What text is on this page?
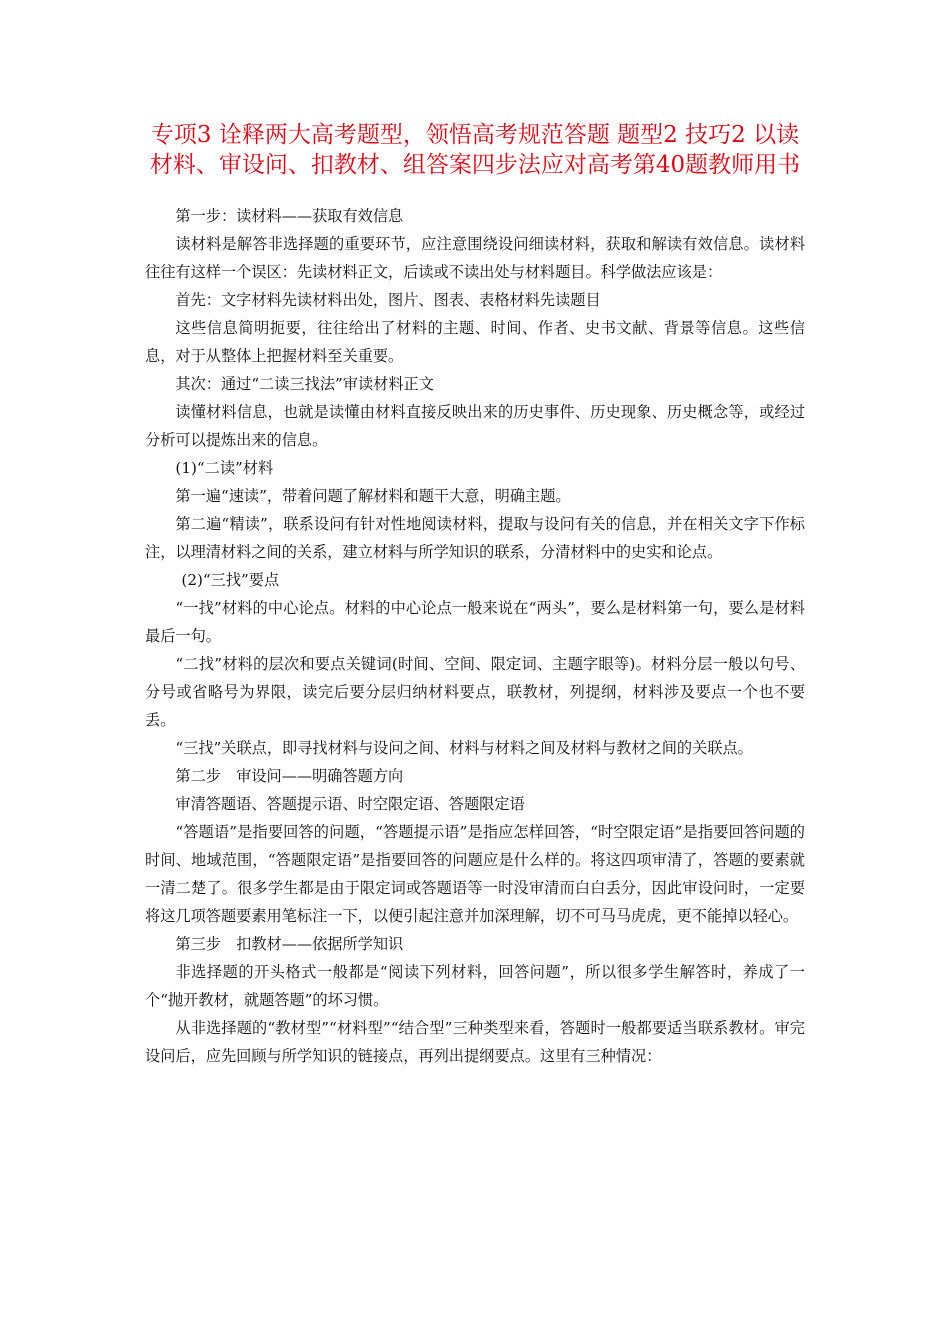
专项3 诠释两大高考题型，领悟高考规范答题 题型2 技巧2 以读
材料、审设问、扣教材、组答案四步法应对高考第40题教师用书

第一步：读材料——获取有效信息

读材料是解答非选择题的重要环节，应注意围绕设问细读材料，获取和解读有效信息。读材料往往有这样一个误区：先读材料正文，后读或不读出处与材料题目。科学做法应该是：

首先：文字材料先读材料出处，图片、图表、表格材料先读题目

这些信息简明扼要，往往给出了材料的主题、时间、作者、史书文献、背景等信息。这些信息，对于从整体上把握材料至关重要。

其次：通过“二读三找法”审读材料正文

读懂材料信息，也就是读懂由材料直接反映出来的历史事件、历史现象、历史概念等，或经过分析可以提炼出来的信息。

(1)“二读”材料

第一遍“速读”，带着问题了解材料和题干大意，明确主题。

第二遍“精读”，联系设问有针对性地阅读材料，提取与设问有关的信息，并在相关文字下作标注，以理清材料之间的关系，建立材料与所学知识的联系，分清材料中的史实和论点。

(2)“三找”要点

“一找”材料的中心论点。材料的中心论点一般来说在“两头”，要么是材料第一句，要么是材料最后一句。

“二找”材料的层次和要点关键词(时间、空间、限定词、主题字眼等)。材料分层一般以句号、分号或省略号为界限，读完后要分层归纳材料要点，联教材，列提纲，材料涉及要点一个也不要丢。

“三找”关联点，即寻找材料与设问之间、材料与材料之间及材料与教材之间的关联点。

第二步　审设问——明确答题方向

审清答题语、答题提示语、时空限定语、答题限定语

“答题语”是指要回答的问题，“答题提示语”是指应怎样回答，“时空限定语”是指要回答问题的时间、地域范围，“答题限定语”是指要回答的问题应是什么样的。将这四项审清了，答题的要素就一清二楚了。很多学生都是由于限定词或答题语等一时没审清而白白丢分，因此审设问时，一定要将这几项答题要素用笔标注一下，以便引起注意并加深理解，切不可马马虎虎，更不能掉以轻心。

第三步　扣教材——依据所学知识

非选择题的开头格式一般都是“阅读下列材料，回答问题”，所以很多学生解答时，养成了一个“抛开教材，就题答题”的坏习惯。

从非选择题的“教材型”“材料型”“结合型”三种类型来看，答题时一般都要适当联系教材。审完设问后，应先回顾与所学知识的链接点，再列出提纲要点。这里有三种情况：
